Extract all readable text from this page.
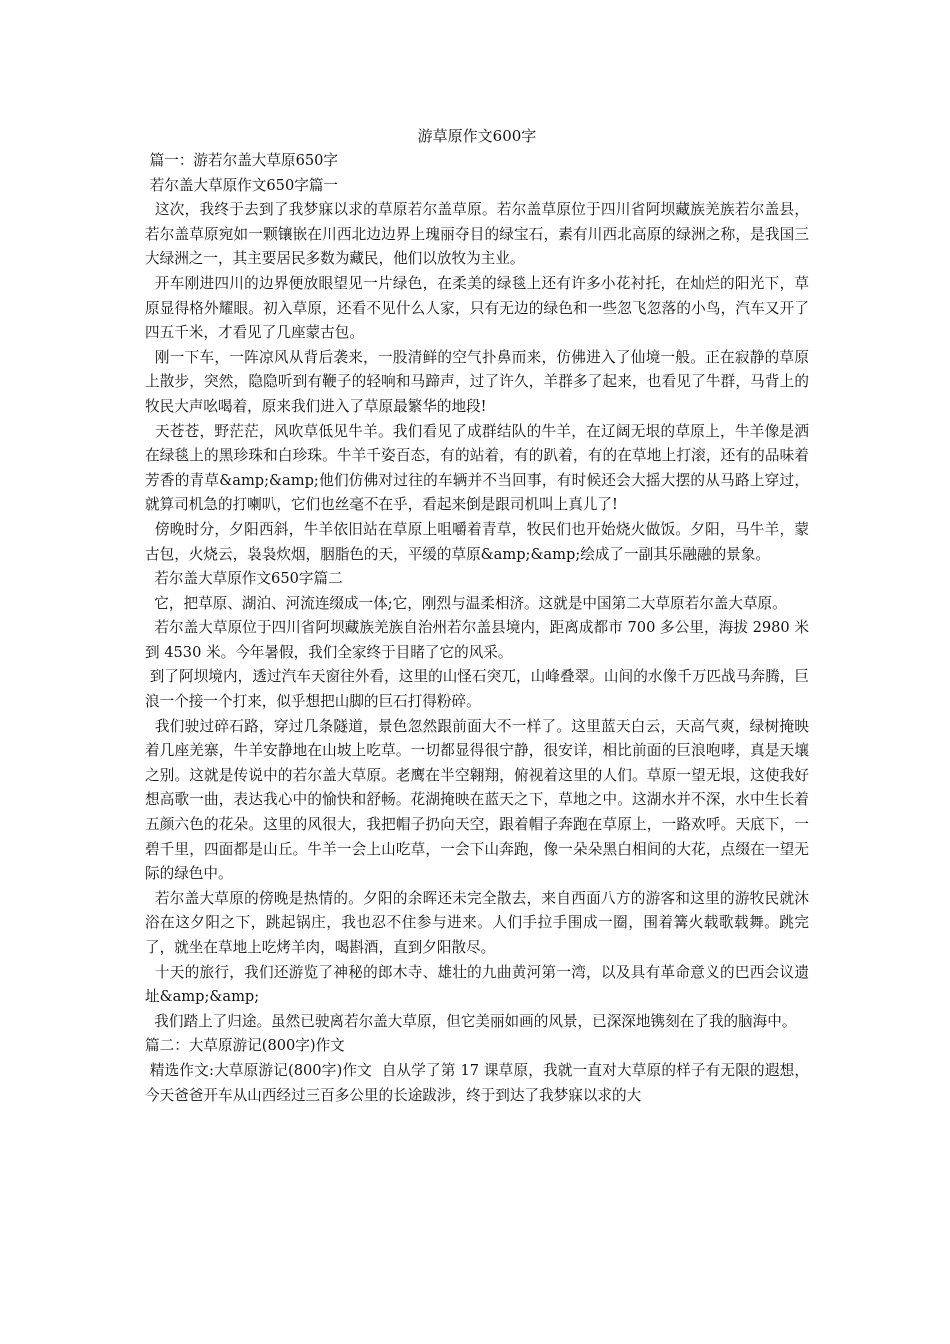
游草原作文600字
篇一：游若尔盖大草原650字
若尔盖大草原作文650字篇一
这次，我终于去到了我梦寐以求的草原若尔盖草原。若尔盖草原位于四川省阿坝藏族羌族若尔盖县，若尔盖草原宛如一颗镶嵌在川西北边边界上瑰丽夺目的绿宝石，素有川西北高原的绿洲之称，是我国三大绿洲之一，其主要居民多数为藏民，他们以放牧为主业。
开车刚进四川的边界便放眼望见一片绿色，在柔美的绿毯上还有许多小花衬托，在灿烂的阳光下，草原显得格外耀眼。初入草原，还看不见什么人家，只有无边的绿色和一些忽飞忽落的小鸟，汽车又开了四五千米，才看见了几座蒙古包。
刚一下车，一阵凉风从背后袭来，一股清鲜的空气扑鼻而来，仿佛进入了仙境一般。正在寂静的草原上散步，突然，隐隐听到有鞭子的轻响和马蹄声，过了许久，羊群多了起来，也看见了牛群，马背上的牧民大声吆喝着，原来我们进入了草原最繁华的地段!
天苍苍，野茫茫，风吹草低见牛羊。我们看见了成群结队的牛羊，在辽阔无垠的草原上，牛羊像是洒在绿毯上的黑珍珠和白珍珠。牛羊千姿百态，有的站着，有的趴着，有的在草地上打滚，还有的品味着芳香的青草&amp;&amp;他们仿佛对过往的车辆并不当回事，有时候还会大摇大摆的从马路上穿过，就算司机急的打喇叭，它们也丝毫不在乎，看起来倒是跟司机叫上真儿了!
傍晚时分，夕阳西斜，牛羊依旧站在草原上咀嚼着青草，牧民们也开始烧火做饭。夕阳，马牛羊，蒙古包，火烧云，袅袅炊烟，胭脂色的天，平缓的草原&amp;&amp;绘成了一副其乐融融的景象。
若尔盖大草原作文650字篇二
它，把草原、湖泊、河流连缀成一体;它，刚烈与温柔相济。这就是中国第二大草原若尔盖大草原。
若尔盖大草原位于四川省阿坝藏族羌族自治州若尔盖县境内，距离成都市 700 多公里，海拔 2980 米到 4530 米。今年暑假，我们全家终于目睹了它的风采。
到了阿坝境内，透过汽车天窗往外看，这里的山怪石突兀，山峰叠翠。山间的水像千万匹战马奔腾，巨浪一个接一个打来，似乎想把山脚的巨石打得粉碎。
我们驶过碎石路，穿过几条隧道，景色忽然跟前面大不一样了。这里蓝天白云，天高气爽，绿树掩映着几座羌寨，牛羊安静地在山坡上吃草。一切都显得很宁静，很安详，相比前面的巨浪咆哮，真是天壤之别。这就是传说中的若尔盖大草原。老鹰在半空翱翔，俯视着这里的人们。草原一望无垠，这使我好想高歌一曲，表达我心中的愉快和舒畅。花湖掩映在蓝天之下，草地之中。这湖水并不深，水中生长着五颜六色的花朵。这里的风很大，我把帽子扔向天空，跟着帽子奔跑在草原上，一路欢呼。天底下，一碧千里，四面都是山丘。牛羊一会上山吃草，一会下山奔跑，像一朵朵黑白相间的大花，点缀在一望无际的绿色中。
若尔盖大草原的傍晚是热情的。夕阳的余晖还未完全散去，来自西面八方的游客和这里的游牧民就沐浴在这夕阳之下，跳起锅庄，我也忍不住参与进来。人们手拉手围成一圈，围着篝火载歌载舞。跳完了，就坐在草地上吃烤羊肉，喝斟酒，直到夕阳散尽。
十天的旅行，我们还游览了神秘的郎木寺、雄壮的九曲黄河第一湾，以及具有革命意义的巴西会议遗址&amp;&amp;
我们踏上了归途。虽然已驶离若尔盖大草原，但它美丽如画的风景，已深深地镌刻在了我的脑海中。
篇二：大草原游记(800字)作文
精选作文:大草原游记(800字)作文  自从学了第 17 课草原，我就一直对大草原的样子有无限的遐想，今天爸爸开车从山西经过三百多公里的长途跋涉，终于到达了我梦寐以求的大
